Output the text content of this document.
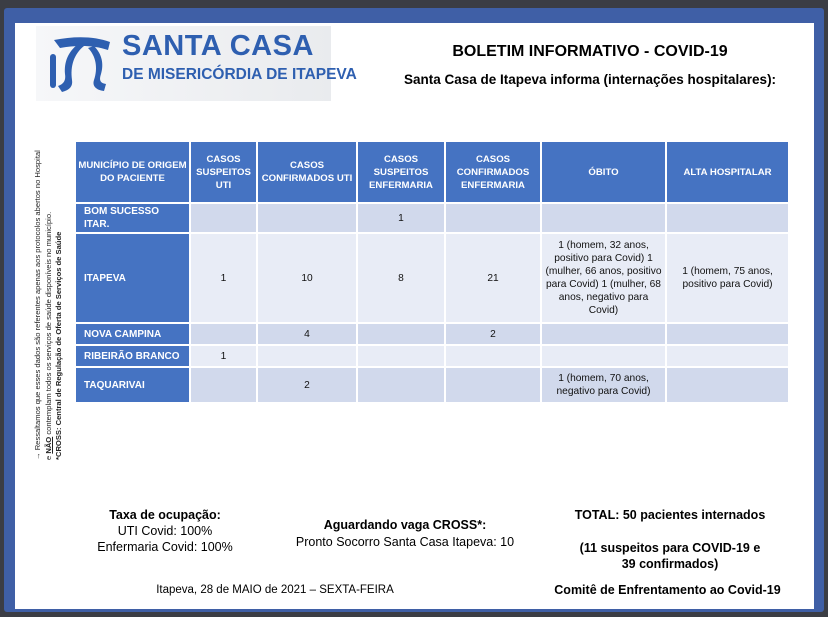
SANTA CASA
DE MISERICÓRDIA DE ITAPEVA
BOLETIM INFORMATIVO - COVID-19
Santa Casa de Itapeva informa (internações hospitalares):
→ Ressaltamos que esses dados são referentes apenas aos protocolos abertos no Hospital e NÃO contemplam todos os serviços de saúde disponíveis no município. *CROSS: Central de Regulação de Oferta de Serviços de Saúde
MUNICÍPIO DE ORIGEM DO PACIENTE	CASOS SUSPEITOS UTI	CASOS CONFIRMADOS UTI	CASOS SUSPEITOS ENFERMARIA	CASOS CONFIRMADOS ENFERMARIA	ÓBITO	ALTA HOSPITALAR
BOM SUCESSO ITAR.			1			
ITAPEVA	1	10	8	21	1 (homem, 32 anos, positivo para Covid) 1 (mulher, 66 anos, positivo para Covid) 1 (mulher, 68 anos, negativo para Covid)	1 (homem, 75 anos, positivo para Covid)
NOVA CAMPINA		4		2		
RIBEIRÃO BRANCO	1					
TAQUARIVAI		2			1 (homem, 70 anos, negativo para Covid)	
Taxa de ocupação:
UTI Covid: 100%
Enfermaria Covid: 100%
Aguardando vaga CROSS*:
Pronto Socorro Santa Casa Itapeva: 10
TOTAL: 50 pacientes internados
(11 suspeitos para COVID-19 e
39 confirmados)
Itapeva, 28 de MAIO de 2021 – SEXTA-FEIRA	Comitê de Enfrentamento ao Covid-19
